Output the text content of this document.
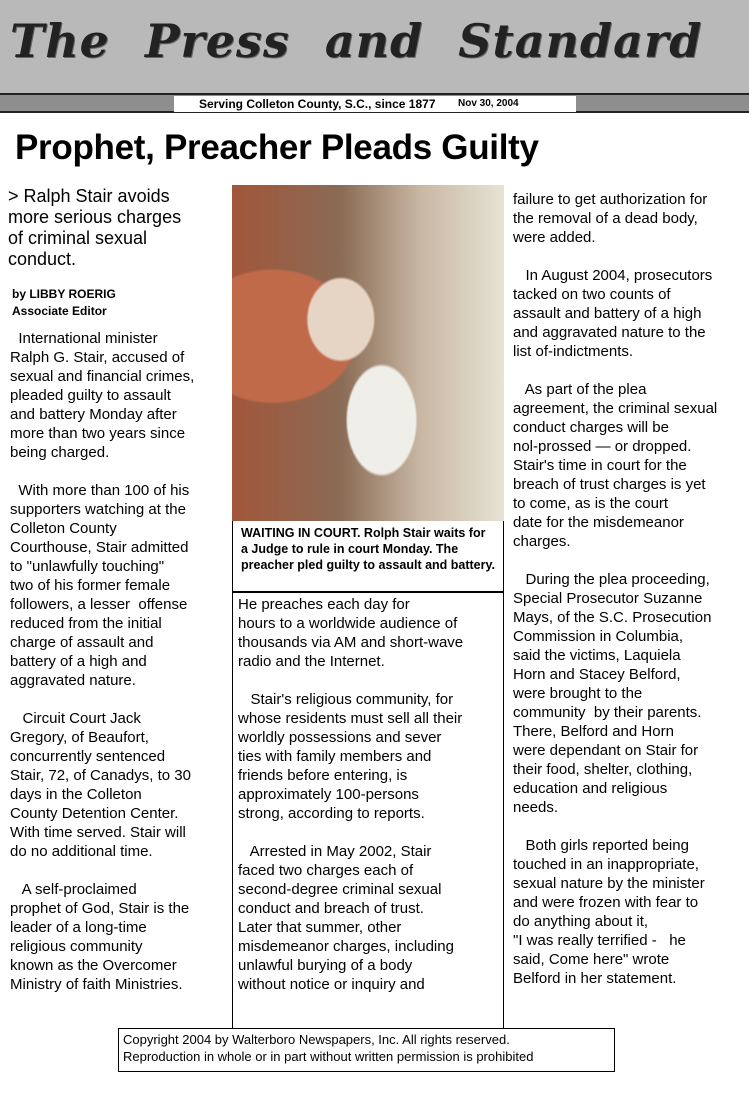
The Press and Standard
Serving Colleton County, S.C., since 1877 Nov 30, 2004
Prophet, Preacher Pleads Guilty
> Ralph Stair avoids
more serious charges
of criminal sexual
conduct.
by LIBBY ROERIG
Associate Editor
International minister
Ralph G. Stair, accused of
sexual and financial crimes,
pleaded guilty to assault
and battery Monday after
more than two years since
being charged.
With more than 100 of his
supporters watching at the
Colleton County
Courthouse, Stair admitted
to "unlawfully touching"
two of his former female
followers, a lesser  offense
reduced from the initial
charge of assault and
battery of a high and
aggravated nature.
Circuit Court Jack
Gregory, of Beaufort,
concurrently sentenced
Stair, 72, of Canadys, to 30
days in the Colleton
County Detention Center.
With time served. Stair will
do no additional time.
A self-proclaimed
prophet of God, Stair is the
leader of a long-time
religious community
known as the Overcomer
Ministry of faith Ministries.
WAITING IN COURT. Rolph Stair waits for a Judge to rule in court Monday. The preacher pled guilty to assault and battery.
He preaches each day for
hours to a worldwide audience of
thousands via AM and short-wave
radio and the Internet.
Stair's religious community, for
whose residents must sell all their
worldly possessions and sever
ties with family members and
friends before entering, is
approximately 100-persons
strong, according to reports.
Arrested in May 2002, Stair
faced two charges each of
second-degree criminal sexual
conduct and breach of trust.
Later that summer, other
misdemeanor charges, including
unlawful burying of a body
without notice or inquiry and
failure to get authorization for
the removal of a dead body,
were added.
In August 2004, prosecutors
tacked on two counts of
assault and battery of a high
and aggravated nature to the
list of-indictments.
As part of the plea
agreement, the criminal sexual
conduct charges will be
nol-prossed — or dropped.
Stair's time in court for the
breach of trust charges is yet
to come, as is the court
date for the misdemeanor
charges.
During the plea proceeding,
Special Prosecutor Suzanne
Mays, of the S.C. Prosecution
Commission in Columbia,
said the victims, Laquiela
Horn and Stacey Belford,
were brought to the
community  by their parents.
There, Belford and Horn
were dependant on Stair for
their food, shelter, clothing,
education and religious
needs.
Both girls reported being
touched in an inappropriate,
sexual nature by the minister
and were frozen with fear to
do anything about it,
"I was really terrified -   he
said, Come here" wrote
Belford in her statement.
Copyright 2004 by Walterboro Newspapers, Inc. All rights reserved.
Reproduction in whole or in part without written permission is prohibited
